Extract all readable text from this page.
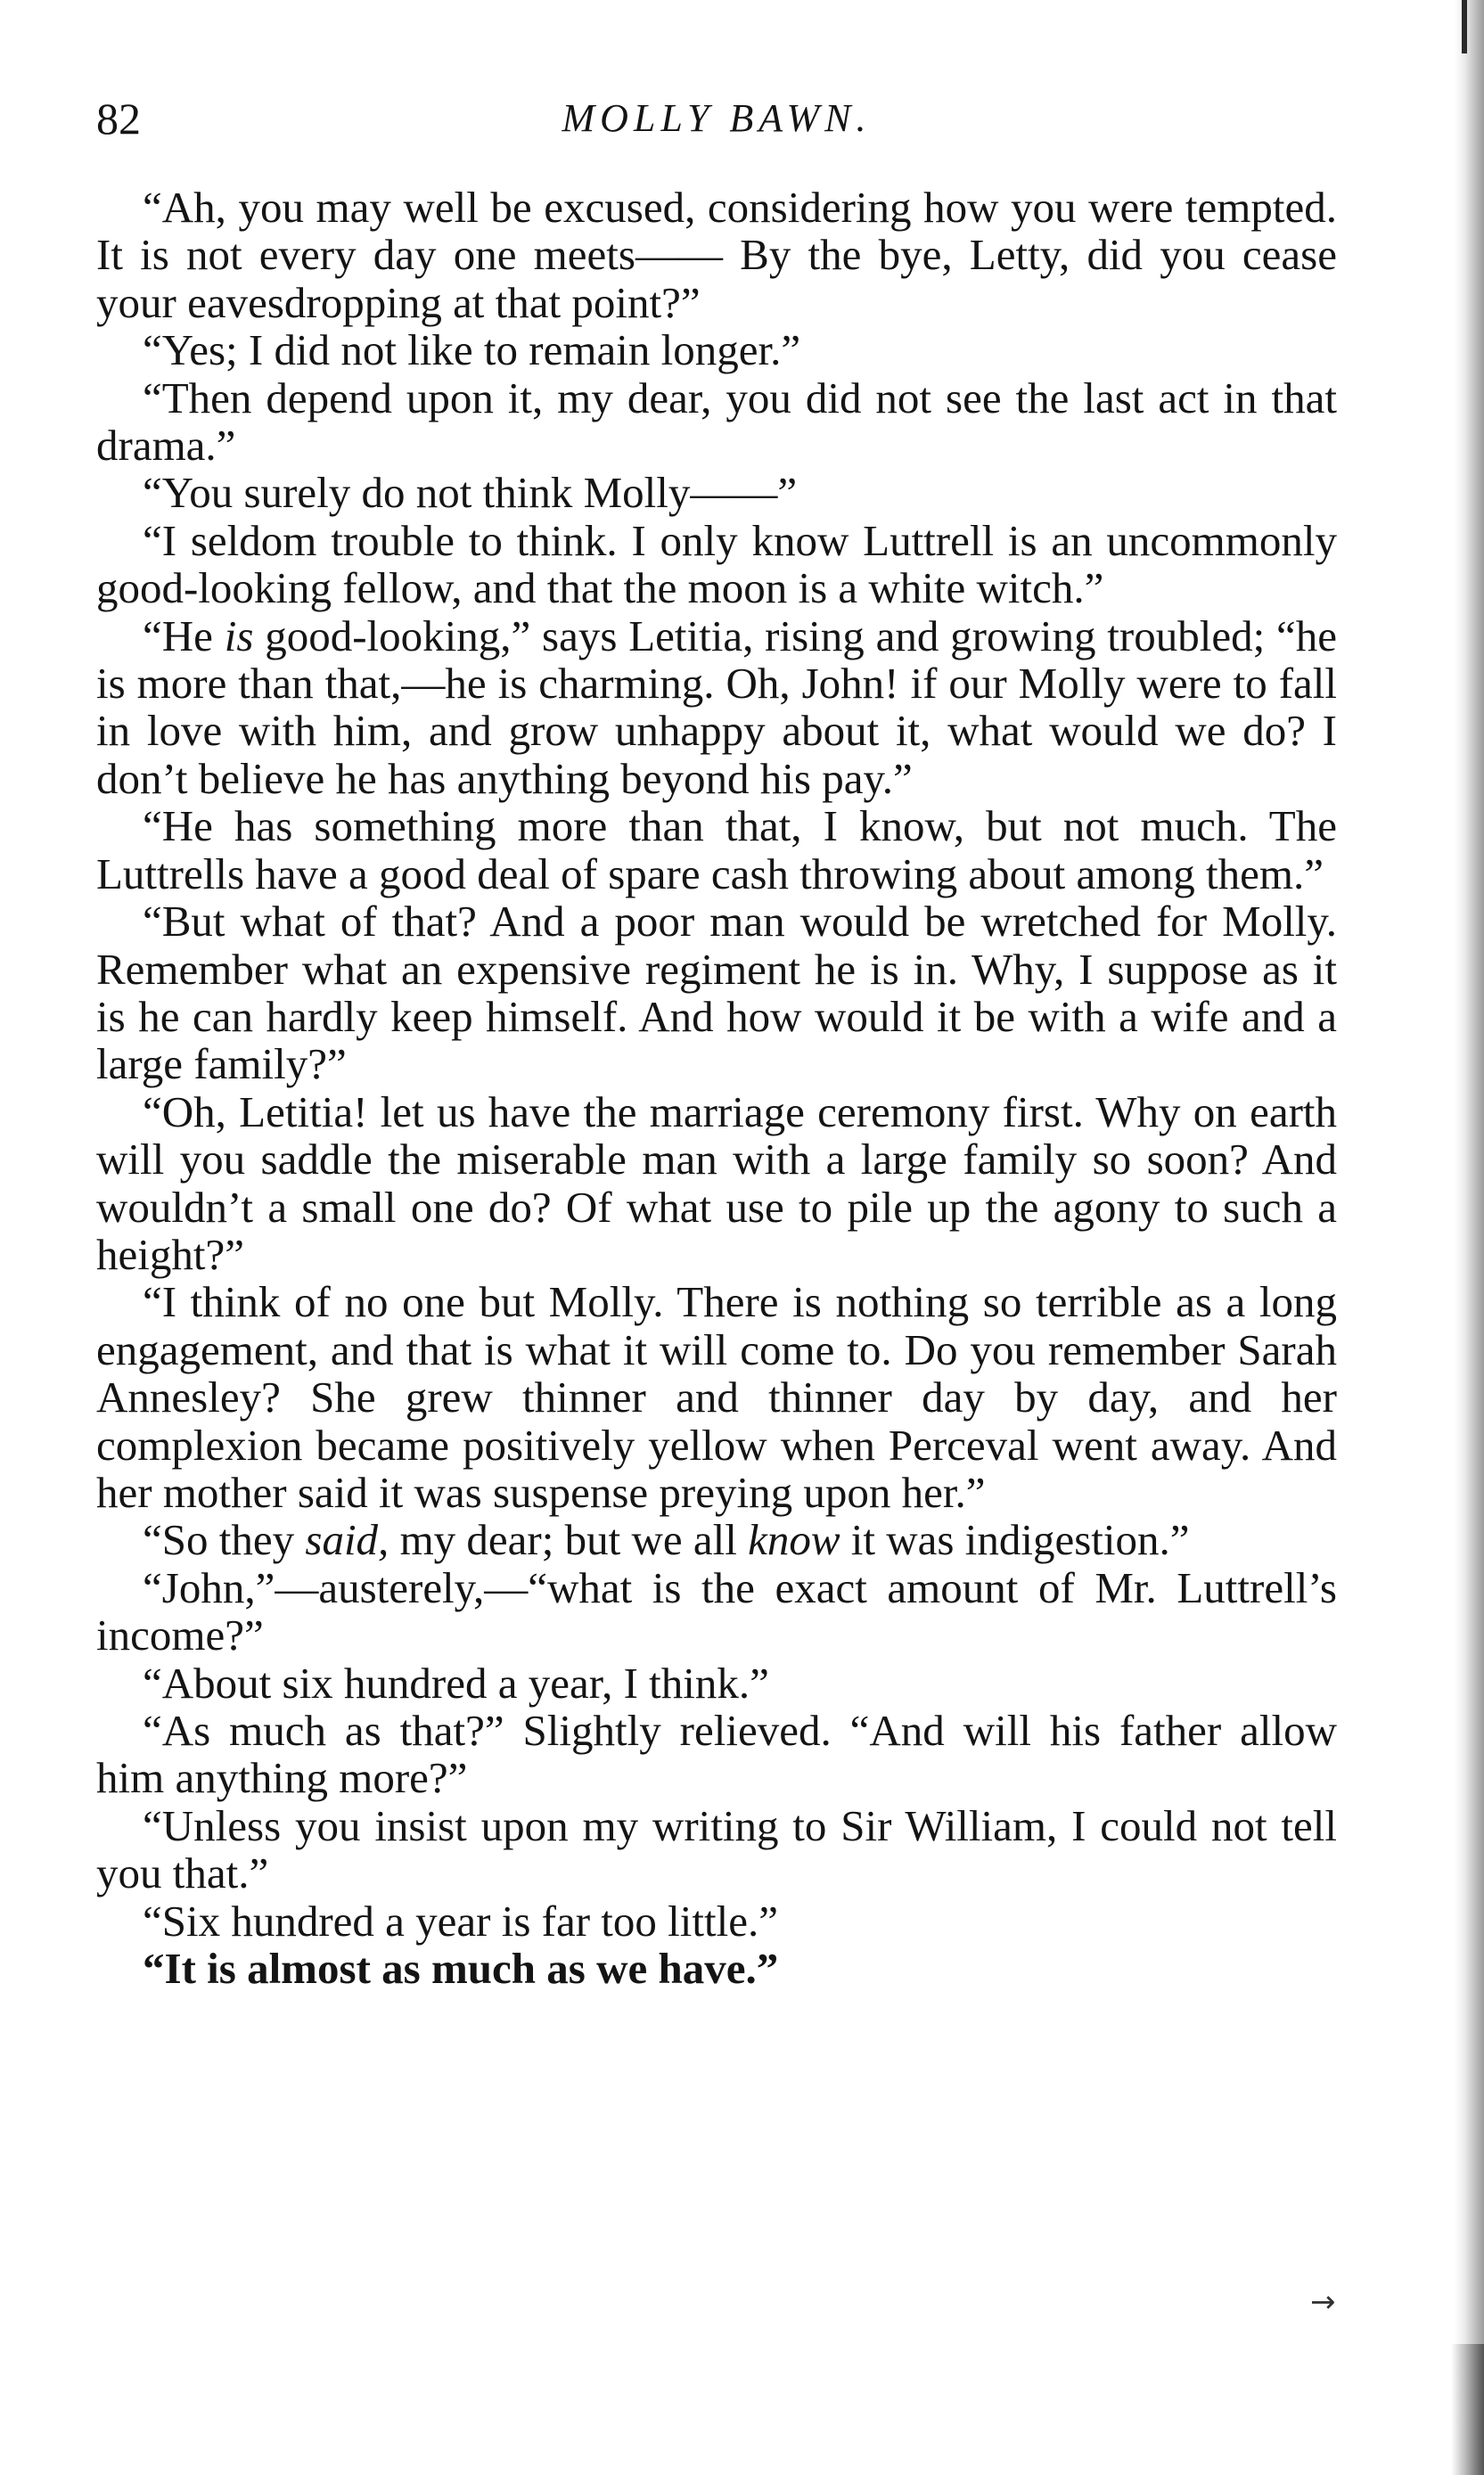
82	MOLLY BAWN.

“Ah, you may well be excused, considering how you were tempted. It is not every day one meets—— By the bye, Letty, did you cease your eavesdropping at that point?”

“Yes; I did not like to remain longer.”

“Then depend upon it, my dear, you did not see the last act in that drama.”

“You surely do not think Molly——”

“I seldom trouble to think. I only know Luttrell is an uncommonly good-looking fellow, and that the moon is a white witch.”

“He is good-looking,” says Letitia, rising and growing troubled; “he is more than that,—he is charming. Oh, John! if our Molly were to fall in love with him, and grow unhappy about it, what would we do? I don’t believe he has anything beyond his pay.”

“He has something more than that, I know, but not much. The Luttrells have a good deal of spare cash throwing about among them.”

“But what of that? And a poor man would be wretched for Molly. Remember what an expensive regiment he is in. Why, I suppose as it is he can hardly keep himself. And how would it be with a wife and a large family?”

“Oh, Letitia! let us have the marriage ceremony first. Why on earth will you saddle the miserable man with a large family so soon? And wouldn’t a small one do? Of what use to pile up the agony to such a height?”

“I think of no one but Molly. There is nothing so terrible as a long engagement, and that is what it will come to. Do you remember Sarah Annesley? She grew thinner and thinner day by day, and her complexion became positively yellow when Perceval went away. And her mother said it was suspense preying upon her.”

“So they said, my dear; but we all know it was indigestion.”

“John,”—austerely,—“what is the exact amount of Mr. Luttrell’s income?”

“About six hundred a year, I think.”

“As much as that?” Slightly relieved. “And will his father allow him anything more?”

“Unless you insist upon my writing to Sir William, I could not tell you that.”

“Six hundred a year is far too little.”

“It is almost as much as we have.”

→
